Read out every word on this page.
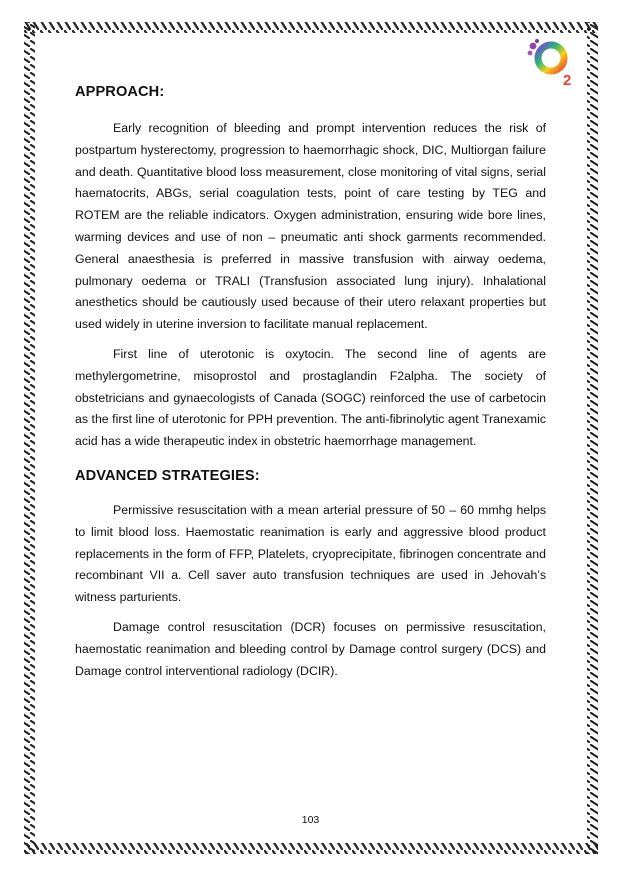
2
APPROACH:

Early recognition of bleeding and prompt intervention reduces the risk of postpartum hysterectomy, progression to haemorrhagic shock, DIC, Multiorgan failure and death. Quantitative blood loss measurement, close monitoring of vital signs, serial haematocrits, ABGs, serial coagulation tests, point of care testing by TEG and ROTEM are the reliable indicators. Oxygen administration, ensuring wide bore lines, warming devices and use of non – pneumatic anti shock garments recommended. General anaesthesia is preferred in massive transfusion with airway oedema, pulmonary oedema or TRALI (Transfusion associated lung injury). Inhalational anesthetics should be cautiously used because of their utero relaxant properties but used widely in uterine inversion to facilitate manual replacement.

First line of uterotonic is oxytocin. The second line of agents are methylergometrine, misoprostol and prostaglandin F2alpha. The society of obstetricians and gynaecologists of Canada (SOGC) reinforced the use of carbetocin as the first line of uterotonic for PPH prevention. The anti-fibrinolytic agent Tranexamic acid has a wide therapeutic index in obstetric haemorrhage management.

ADVANCED STRATEGIES:

Permissive resuscitation with a mean arterial pressure of 50 – 60 mmhg helps to limit blood loss. Haemostatic reanimation is early and aggressive blood product replacements in the form of FFP, Platelets, cryoprecipitate, fibrinogen concentrate and recombinant VII a. Cell saver auto transfusion techniques are used in Jehovah’s witness parturients.

Damage control resuscitation (DCR) focuses on permissive resuscitation, haemostatic reanimation and bleeding control by Damage control surgery (DCS) and Damage control interventional radiology (DCIR).

103
